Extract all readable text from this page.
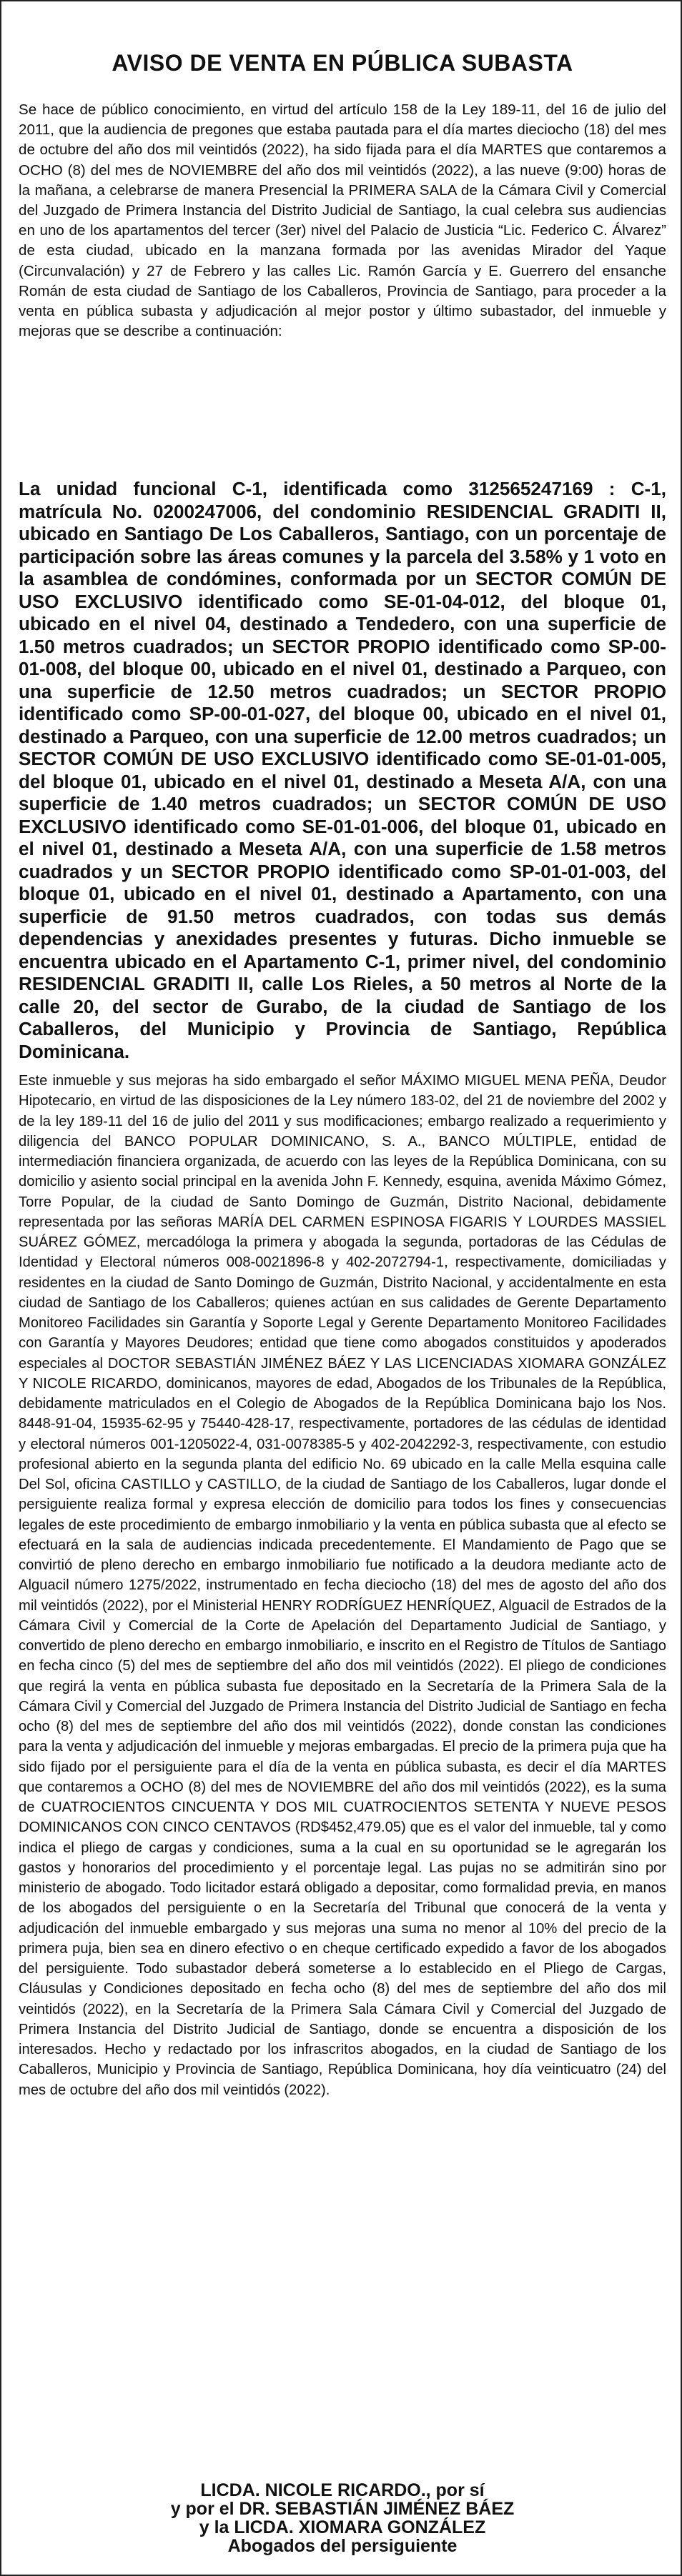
AVISO DE VENTA EN PÚBLICA SUBASTA

Se hace de público conocimiento, en virtud del artículo 158 de la Ley 189-11, del 16 de julio del 2011, que la audiencia de pregones que estaba pautada para el día martes dieciocho (18) del mes de octubre del año dos mil veintidós (2022), ha sido fijada para el día MARTES que contaremos a OCHO (8) del mes de NOVIEMBRE del año dos mil veintidós (2022), a las nueve (9:00) horas de la mañana, a celebrarse de manera Presencial la PRIMERA SALA de la Cámara Civil y Comercial del Juzgado de Primera Instancia del Distrito Judicial de Santiago, la cual celebra sus audiencias en uno de los apartamentos del tercer (3er) nivel del Palacio de Justicia “Lic. Federico C. Álvarez” de esta ciudad, ubicado en la manzana formada por las avenidas Mirador del Yaque (Circunvalación) y 27 de Febrero y las calles Lic. Ramón García y E. Guerrero del ensanche Román de esta ciudad de Santiago de los Caballeros, Provincia de Santiago, para proceder a la venta en pública subasta y adjudicación al mejor postor y último subastador, del inmueble y mejoras que se describe a continuación:

La unidad funcional C-1, identificada como 312565247169 : C-1, matrícula No. 0200247006, del condominio RESIDENCIAL GRADITI II, ubicado en Santiago De Los Caballeros, Santiago, con un porcentaje de participación sobre las áreas comunes y la parcela del 3.58% y 1 voto en la asamblea de condómines, conformada por un SECTOR COMÚN DE USO EXCLUSIVO identificado como SE-01-04-012, del bloque 01, ubicado en el nivel 04, destinado a Tendedero, con una superficie de 1.50 metros cuadrados; un SECTOR PROPIO identificado como SP-00-01-008, del bloque 00, ubicado en el nivel 01, destinado a Parqueo, con una superficie de 12.50 metros cuadrados; un SECTOR PROPIO identificado como SP-00-01-027, del bloque 00, ubicado en el nivel 01, destinado a Parqueo, con una superficie de 12.00 metros cuadrados; un SECTOR COMÚN DE USO EXCLUSIVO identificado como SE-01-01-005, del bloque 01, ubicado en el nivel 01, destinado a Meseta A/A, con una superficie de 1.40 metros cuadrados; un SECTOR COMÚN DE USO EXCLUSIVO identificado como SE-01-01-006, del bloque 01, ubicado en el nivel 01, destinado a Meseta A/A, con una superficie de 1.58 metros cuadrados y un SECTOR PROPIO identificado como SP-01-01-003, del bloque 01, ubicado en el nivel 01, destinado a Apartamento, con una superficie de 91.50 metros cuadrados, con todas sus demás dependencias y anexidades presentes y futuras. Dicho inmueble se encuentra ubicado en el Apartamento C-1, primer nivel, del condominio RESIDENCIAL GRADITI II, calle Los Rieles, a 50 metros al Norte de la calle 20, del sector de Gurabo, de la ciudad de Santiago de los Caballeros, del Municipio y Provincia de Santiago, República Dominicana.

Este inmueble y sus mejoras ha sido embargado el señor MÁXIMO MIGUEL MENA PEÑA, Deudor Hipotecario, en virtud de las disposiciones de la Ley número 183-02, del 21 de noviembre del 2002 y de la ley 189-11 del 16 de julio del 2011 y sus modificaciones; embargo realizado a requerimiento y diligencia del BANCO POPULAR DOMINICANO, S. A., BANCO MÚLTIPLE, entidad de intermediación financiera organizada, de acuerdo con las leyes de la República Dominicana, con su domicilio y asiento social principal en la avenida John F. Kennedy, esquina, avenida Máximo Gómez, Torre Popular, de la ciudad de Santo Domingo de Guzmán, Distrito Nacional, debidamente representada por las señoras MARÍA DEL CARMEN ESPINOSA FIGARIS Y LOURDES MASSIEL SUÁREZ GÓMEZ, mercadóloga la primera y abogada la segunda, portadoras de las Cédulas de Identidad y Electoral números 008-0021896-8 y 402-2072794-1, respectivamente, domiciliadas y residentes en la ciudad de Santo Domingo de Guzmán, Distrito Nacional, y accidentalmente en esta ciudad de Santiago de los Caballeros; quienes actúan en sus calidades de Gerente Departamento Monitoreo Facilidades sin Garantía y Soporte Legal y Gerente Departamento Monitoreo Facilidades con Garantía y Mayores Deudores; entidad que tiene como abogados constituidos y apoderados especiales al DOCTOR SEBASTIÁN JIMÉNEZ BÁEZ Y LAS LICENCIADAS XIOMARA GONZÁLEZ Y NICOLE RICARDO, dominicanos, mayores de edad, Abogados de los Tribunales de la República, debidamente matriculados en el Colegio de Abogados de la República Dominicana bajo los Nos. 8448-91-04, 15935-62-95 y 75440-428-17, respectivamente, portadores de las cédulas de identidad y electoral números 001-1205022-4, 031-0078385-5 y 402-2042292-3, respectivamente, con estudio profesional abierto en la segunda planta del edificio No. 69 ubicado en la calle Mella esquina calle Del Sol, oficina CASTILLO y CASTILLO, de la ciudad de Santiago de los Caballeros, lugar donde el persiguiente realiza formal y expresa elección de domicilio para todos los fines y consecuencias legales de este procedimiento de embargo inmobiliario y la venta en pública subasta que al efecto se efectuará en la sala de audiencias indicada precedentemente. El Mandamiento de Pago que se convirtió de pleno derecho en embargo inmobiliario fue notificado a la deudora mediante acto de Alguacil número 1275/2022, instrumentado en fecha dieciocho (18) del mes de agosto del año dos mil veintidós (2022), por el Ministerial HENRY RODRÍGUEZ HENRÍQUEZ, Alguacil de Estrados de la Cámara Civil y Comercial de la Corte de Apelación del Departamento Judicial de Santiago, y convertido de pleno derecho en embargo inmobiliario, e inscrito en el Registro de Títulos de Santiago en fecha cinco (5) del mes de septiembre del año dos mil veintidós (2022). El pliego de condiciones que regirá la venta en pública subasta fue depositado en la Secretaría de la Primera Sala de la Cámara Civil y Comercial del Juzgado de Primera Instancia del Distrito Judicial de Santiago en fecha ocho (8) del mes de septiembre del año dos mil veintidós (2022), donde constan las condiciones para la venta y adjudicación del inmueble y mejoras embargadas. El precio de la primera puja que ha sido fijado por el persiguiente para el día de la venta en pública subasta, es decir el día MARTES que contaremos a OCHO (8) del mes de NOVIEMBRE del año dos mil veintidós (2022), es la suma de CUATROCIENTOS CINCUENTA Y DOS MIL CUATROCIENTOS SETENTA Y NUEVE PESOS DOMINICANOS CON CINCO CENTAVOS (RD$452,479.05) que es el valor del inmueble, tal y como indica el pliego de cargas y condiciones, suma a la cual en su oportunidad se le agregarán los gastos y honorarios del procedimiento y el porcentaje legal. Las pujas no se admitirán sino por ministerio de abogado. Todo licitador estará obligado a depositar, como formalidad previa, en manos de los abogados del persiguiente o en la Secretaría del Tribunal que conocerá de la venta y adjudicación del inmueble embargado y sus mejoras una suma no menor al 10% del precio de la primera puja, bien sea en dinero efectivo o en cheque certificado expedido a favor de los abogados del persiguiente. Todo subastador deberá someterse a lo establecido en el Pliego de Cargas, Cláusulas y Condiciones depositado en fecha ocho (8) del mes de septiembre del año dos mil veintidós (2022), en la Secretaría de la Primera Sala Cámara Civil y Comercial del Juzgado de Primera Instancia del Distrito Judicial de Santiago, donde se encuentra a disposición de los interesados. Hecho y redactado por los infrascritos abogados, en la ciudad de Santiago de los Caballeros, Municipio y Provincia de Santiago, República Dominicana, hoy día veinticuatro (24) del mes de octubre del año dos mil veintidós (2022).

LICDA. NICOLE RICARDO., por sí
y por el DR. SEBASTIÁN JIMÉNEZ BÁEZ
y la LICDA. XIOMARA GONZÁLEZ
Abogados del persiguiente
